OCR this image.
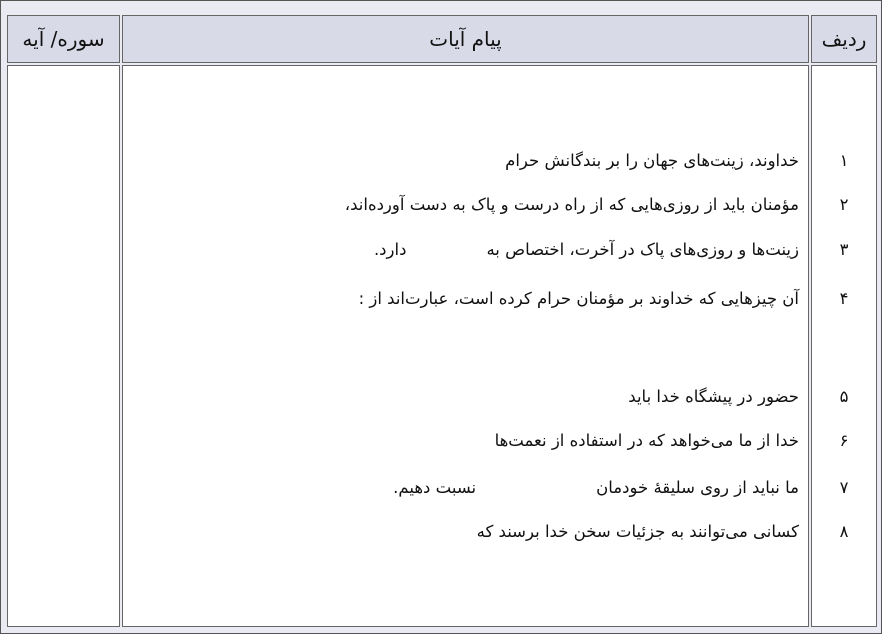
ردیف
پیام آیات
سوره/ آیه
۱
خداوند، زینت‌های جهان را بر بندگانش حرام
۲
مؤمنان باید از روزی‌هایی که از راه درست و پاک به دست آورده‌اند،
۳
زینت‌ها و روزی‌های پاک در آخرت، اختصاص بهدارد.
۴
آن چیزهایی که خداوند بر مؤمنان حرام کرده است، عبارت‌اند از :
۵
حضور در پیشگاه خدا باید
۶
خدا از ما می‌خواهد که در استفاده از نعمت‌ها
۷
ما نباید از روی سلیقهٔ خودماننسبت دهیم.
۸
کسانی می‌توانند به جزئیات سخن خدا برسند که
